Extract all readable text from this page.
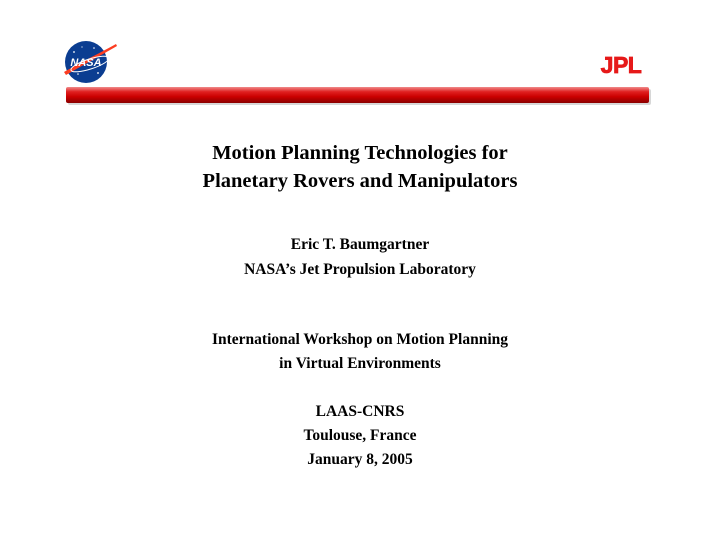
NASA	JPL

Motion Planning Technologies for
Planetary Rovers and Manipulators

Eric T. Baumgartner

NASA’s Jet Propulsion Laboratory

International Workshop on Motion Planning

in Virtual Environments

LAAS-CNRS

Toulouse, France

January 8, 2005
